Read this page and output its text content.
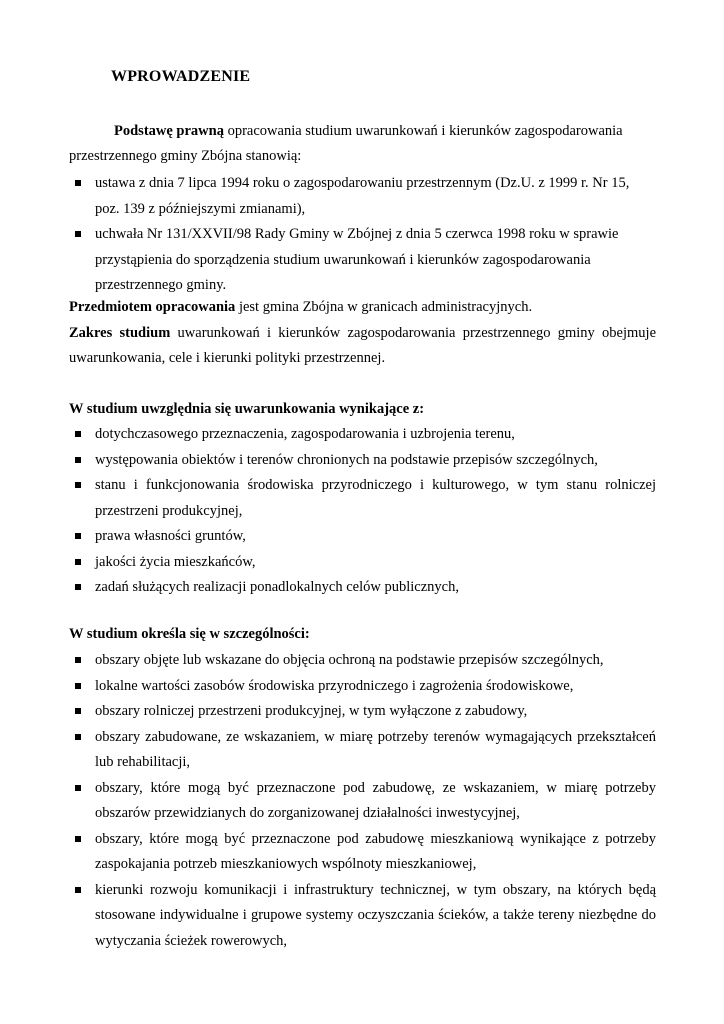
WPROWADZENIE
Podstawę prawną opracowania studium uwarunkowań i kierunków zagospodarowania przestrzennego gminy Zbójna stanowią:
ustawa z dnia 7 lipca 1994 roku o zagospodarowaniu przestrzennym (Dz.U. z 1999 r. Nr 15, poz. 139 z późniejszymi zmianami),
uchwała Nr 131/XXVII/98 Rady Gminy w Zbójnej z dnia 5 czerwca 1998 roku w sprawie przystąpienia do sporządzenia studium uwarunkowań i kierunków zagospodarowania przestrzennego gminy.
Przedmiotem opracowania jest gmina Zbójna w granicach administracyjnych.
Zakres studium uwarunkowań i kierunków zagospodarowania przestrzennego gminy obejmuje uwarunkowania, cele i kierunki polityki przestrzennej.
W studium uwzględnia się uwarunkowania wynikające z:
dotychczasowego przeznaczenia, zagospodarowania i uzbrojenia terenu,
występowania obiektów i terenów chronionych na podstawie przepisów szczególnych,
stanu i funkcjonowania środowiska przyrodniczego i kulturowego, w tym stanu rolniczej przestrzeni produkcyjnej,
prawa własności gruntów,
jakości życia mieszkańców,
zadań służących realizacji ponadlokalnych celów publicznych,
W studium określa się w szczególności:
obszary objęte lub wskazane do objęcia ochroną na podstawie przepisów szczególnych,
lokalne wartości zasobów środowiska przyrodniczego i zagrożenia środowiskowe,
obszary rolniczej przestrzeni produkcyjnej, w tym wyłączone z zabudowy,
obszary zabudowane, ze wskazaniem, w miarę potrzeby terenów wymagających przekształceń lub rehabilitacji,
obszary, które mogą być przeznaczone pod zabudowę, ze wskazaniem, w miarę potrzeby obszarów przewidzianych do zorganizowanej działalności inwestycyjnej,
obszary, które mogą być przeznaczone pod zabudowę mieszkaniową wynikające z potrzeby zaspokajania potrzeb mieszkaniowych wspólnoty mieszkaniowej,
kierunki rozwoju komunikacji i infrastruktury technicznej, w tym obszary, na których będą stosowane indywidualne i grupowe systemy oczyszczania ścieków, a także tereny niezbędne do wytyczania ścieżek rowerowych,
